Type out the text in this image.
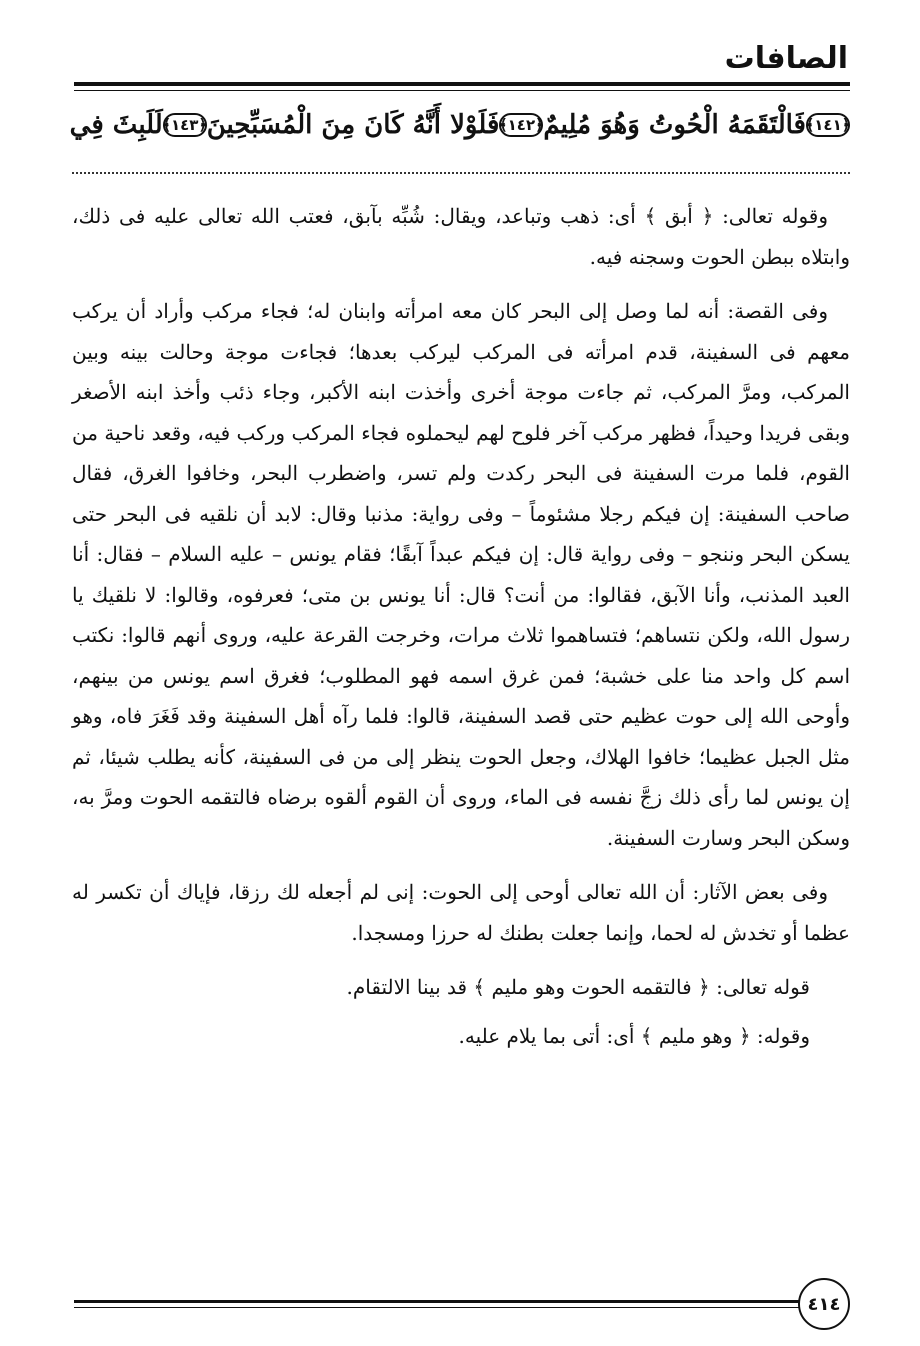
الصافات
﴿١٤١﴾
فَالْتَقَمَهُ الْحُوتُ وَهُوَ مُلِيمٌ
﴿١٤٢﴾
فَلَوْلا أَنَّهُ كَانَ مِنَ الْمُسَبِّحِينَ
﴿١٤٣﴾
لَلَبِثَ فِي

وقوله تعالى: ﴿ أبق ﴾ أى: ذهب وتباعد، ويقال: شُبِّه بآبق، فعتب الله تعالى عليه فى ذلك، وابتلاه ببطن الحوت وسجنه فيه.

وفى القصة: أنه لما وصل إلى البحر كان معه امرأته وابنان له؛ فجاء مركب وأراد أن يركب معهم فى السفينة، قدم امرأته فى المركب ليركب بعدها؛ فجاءت موجة وحالت بينه وبين المركب، ومرَّ المركب، ثم جاءت موجة أخرى وأخذت ابنه الأكبر، وجاء ذئب وأخذ ابنه الأصغر وبقى فريدا وحيداً، فظهر مركب آخر فلوح لهم ليحملوه فجاء المركب وركب فيه، وقعد ناحية من القوم، فلما مرت السفينة فى البحر ركدت ولم تسر، واضطرب البحر، وخافوا الغرق، فقال صاحب السفينة: إن فيكم رجلا مشئوماً – وفى رواية: مذنبا وقال: لابد أن نلقيه فى البحر حتى يسكن البحر وننجو – وفى رواية قال: إن فيكم عبداً آبقًا؛ فقام يونس – عليه السلام – فقال: أنا العبد المذنب، وأنا الآبق، فقالوا: من أنت؟ قال: أنا يونس بن متى؛ فعرفوه، وقالوا: لا نلقيك يا رسول الله، ولكن نتساهم؛ فتساهموا ثلاث مرات، وخرجت القرعة عليه، وروى أنهم قالوا: نكتب اسم كل واحد منا على خشبة؛ فمن غرق اسمه فهو المطلوب؛ فغرق اسم يونس من بينهم، وأوحى الله إلى حوت عظيم حتى قصد السفينة، قالوا: فلما رآه أهل السفينة وقد فَغَرَ فاه، وهو مثل الجبل عظيما؛ خافوا الهلاك، وجعل الحوت ينظر إلى من فى السفينة، كأنه يطلب شيئا، ثم إن يونس لما رأى ذلك زجَّ نفسه فى الماء، وروى أن القوم ألقوه برضاه فالتقمه الحوت ومرَّ به، وسكن البحر وسارت السفينة.

وفى بعض الآثار: أن الله تعالى أوحى إلى الحوت: إنى لم أجعله لك رزقا، فإياك أن تكسر له عظما أو تخدش له لحما، وإنما جعلت بطنك له حرزا ومسجدا.

قوله تعالى: ﴿ فالتقمه الحوت وهو مليم ﴾ قد بينا الالتقام.

وقوله: ﴿ وهو مليم ﴾ أى: أتى بما يلام عليه.

٤١٤
